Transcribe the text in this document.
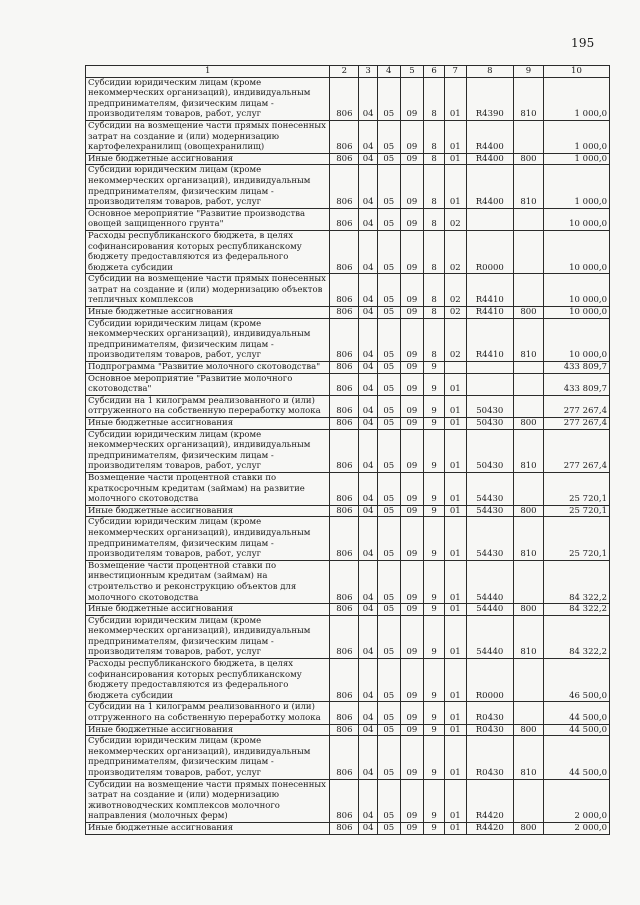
195
1	2	3	4	5	6	7	8	9	10
Субсидии юридическим лицам (кроме некоммерческих организаций), индивидуальным предпринимателям, физическим лицам - производителям товаров, работ, услуг	806	04	05	09	8	01	R4390	810	1 000,0
Субсидии на возмещение части прямых понесенных затрат на создание и (или) модернизацию картофелехранилищ (овощехранилищ)	806	04	05	09	8	01	R4400		1 000,0
Иные бюджетные ассигнования	806	04	05	09	8	01	R4400	800	1 000,0
Субсидии юридическим лицам (кроме некоммерческих организаций), индивидуальным предпринимателям, физическим лицам - производителям товаров, работ, услуг	806	04	05	09	8	01	R4400	810	1 000,0
Основное мероприятие "Развитие производства овощей защищенного грунта"	806	04	05	09	8	02			10 000,0
Расходы республиканского бюджета, в целях софинансирования которых республиканскому бюджету предоставляются из федерального бюджета субсидии	806	04	05	09	8	02	R0000		10 000,0
Субсидии на возмещение части прямых понесенных затрат на создание и (или) модернизацию объектов тепличных комплексов	806	04	05	09	8	02	R4410		10 000,0
Иные бюджетные ассигнования	806	04	05	09	8	02	R4410	800	10 000,0
Субсидии юридическим лицам (кроме некоммерческих организаций), индивидуальным предпринимателям, физическим лицам - производителям товаров, работ, услуг	806	04	05	09	8	02	R4410	810	10 000,0
Подпрограмма "Развитие молочного скотоводства"	806	04	05	09	9				433 809,7
Основное мероприятие "Развитие молочного скотоводства"	806	04	05	09	9	01			433 809,7
Субсидии на 1 килограмм реализованного и (или) отгруженного на собственную переработку молока	806	04	05	09	9	01	50430		277 267,4
Иные бюджетные ассигнования	806	04	05	09	9	01	50430	800	277 267,4
Субсидии юридическим лицам (кроме некоммерческих организаций), индивидуальным предпринимателям, физическим лицам - производителям товаров, работ, услуг	806	04	05	09	9	01	50430	810	277 267,4
Возмещение части процентной ставки по краткосрочным кредитам (займам) на развитие молочного скотоводства	806	04	05	09	9	01	54430		25 720,1
Иные бюджетные ассигнования	806	04	05	09	9	01	54430	800	25 720,1
Субсидии юридическим лицам (кроме некоммерческих организаций), индивидуальным предпринимателям, физическим лицам - производителям товаров, работ, услуг	806	04	05	09	9	01	54430	810	25 720,1
Возмещение части процентной ставки по инвестиционным кредитам (займам) на строительство и реконструкцию объектов для молочного скотоводства	806	04	05	09	9	01	54440		84 322,2
Иные бюджетные ассигнования	806	04	05	09	9	01	54440	800	84 322,2
Субсидии юридическим лицам (кроме некоммерческих организаций), индивидуальным предпринимателям, физическим лицам - производителям товаров, работ, услуг	806	04	05	09	9	01	54440	810	84 322,2
Расходы республиканского бюджета, в целях софинансирования которых республиканскому бюджету предоставляются из федерального бюджета субсидии	806	04	05	09	9	01	R0000		46 500,0
Субсидии на 1 килограмм реализованного и (или) отгруженного на собственную переработку молока	806	04	05	09	9	01	R0430		44 500,0
Иные бюджетные ассигнования	806	04	05	09	9	01	R0430	800	44 500,0
Субсидии юридическим лицам (кроме некоммерческих организаций), индивидуальным предпринимателям, физическим лицам - производителям товаров, работ, услуг	806	04	05	09	9	01	R0430	810	44 500,0
Субсидии на возмещение части прямых понесенных затрат на создание и (или) модернизацию животноводческих комплексов молочного направления (молочных ферм)	806	04	05	09	9	01	R4420		2 000,0
Иные бюджетные ассигнования	806	04	05	09	9	01	R4420	800	2 000,0
